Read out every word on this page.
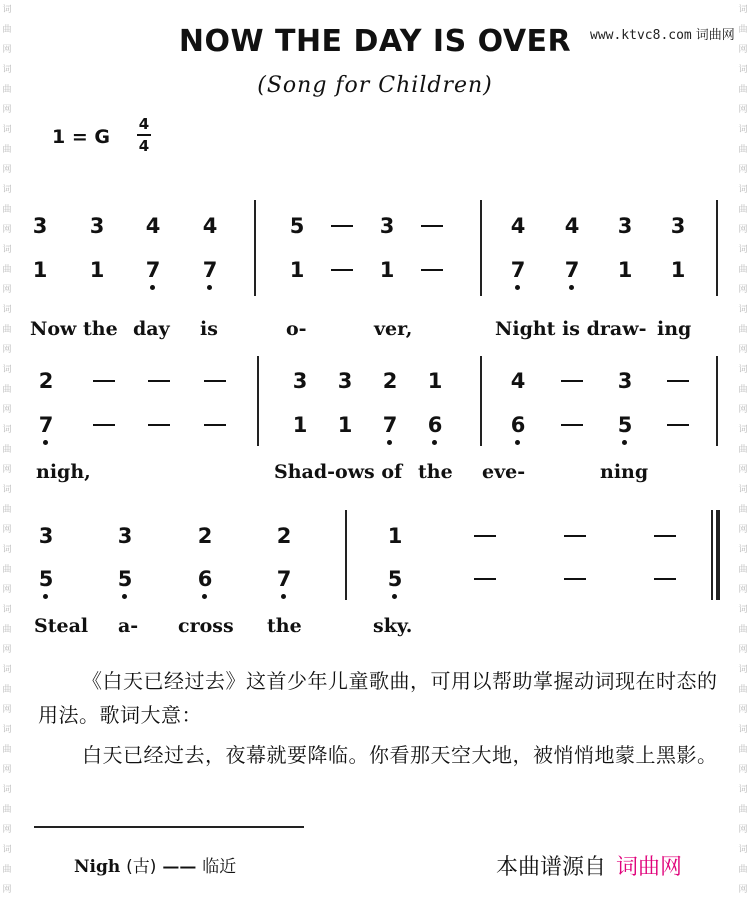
词
曲
网
词
曲
网
词
曲
网
词
曲
网
词
曲
网
词
曲
网
词
曲
网
词
曲
网
词
曲
网
词
曲
网
词
曲
网
词
曲
网
词
曲
网
词
曲
网
词
曲
网
词
曲
网
词
曲
网
词
曲
网
词
曲
网
词
曲
网
词
曲
网
词
曲
网
词
曲
网
词
曲
网
词
曲
网
词
曲
网
词
曲
网
词
曲
网
词
曲
网
词
曲
网
www.ktvc8.com 词曲网
NOW THE DAY IS OVER
(Song for Children)
1 = G
4
4
3 3 4 4	5	3	4 4 3 3
1 1 7 7	1	1	7 7 1 1
Now the day is	o-	ver,	Night is draw- ing
2	3 3 2 1	4	3
7	1 1 7 6	6	5
nigh,	Shad-ows of the eve-	ning
3	3	2	2	1
5	5	6	7	5
Steal a- cross the	sky.
《白天已经过去》这首少年儿童歌曲，可用以帮助掌握动词现在时态的用法。歌词大意：
白天已经过去，夜幕就要降临。你看那天空大地，被悄悄地蒙上黑影。
Nigh (古) —— 临近	本曲谱源自 词曲网
